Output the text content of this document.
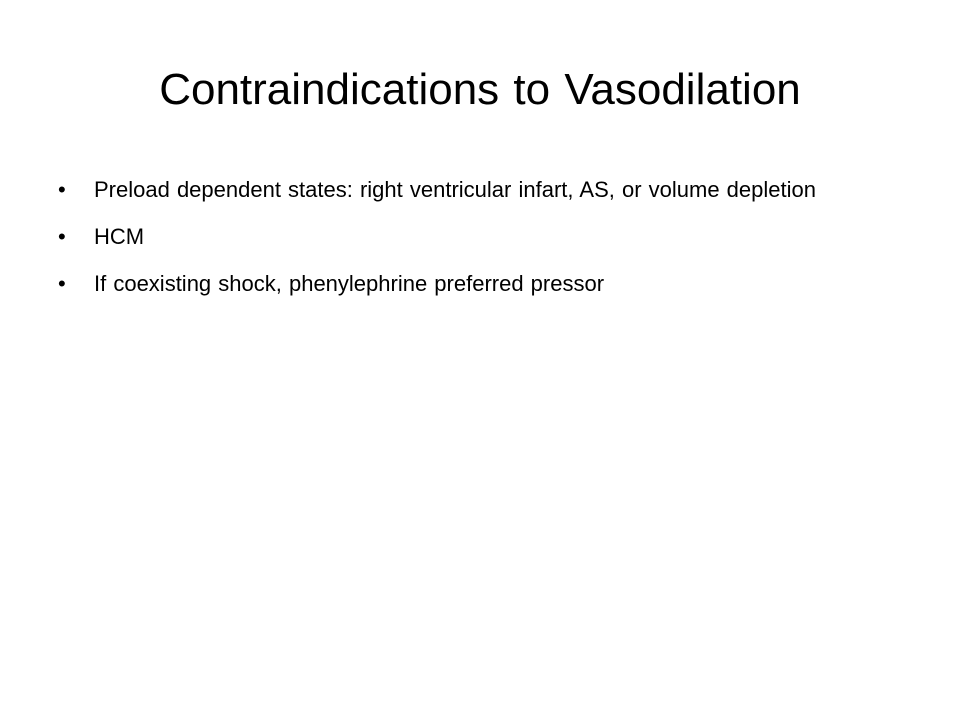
Contraindications to Vasodilation
•	Preload dependent states: right ventricular infart, AS, or volume depletion
•	HCM
•	If coexisting shock, phenylephrine preferred pressor
